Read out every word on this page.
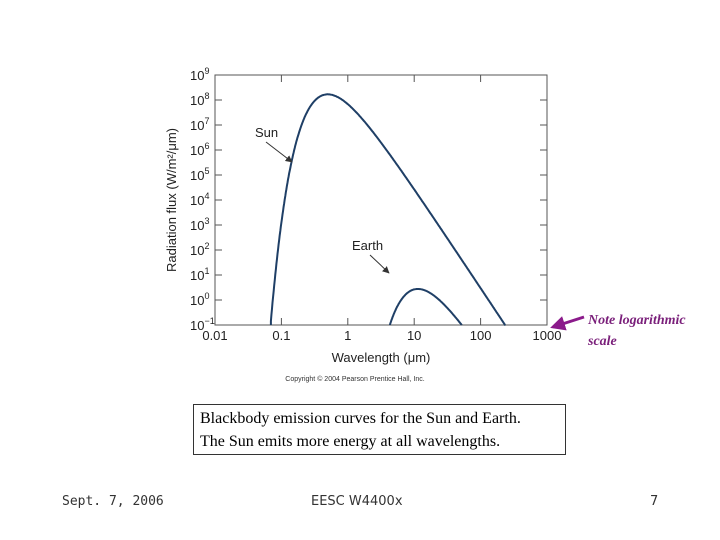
0.01	0.1	1	10	100	1000
$10^{-1}$
$10^0$
$10^1$
$10^2$
$10^3$
$10^4$
$10^5$
$10^6$
$10^7$
$10^8$
$10^9$
Wavelength (μm)
Radiation flux (W/m²/μm)	Sun
Earth
Copyright © 2004 Pearson Prentice Hall, Inc.
Note logarithmic
scale
Blackbody emission curves for the Sun and Earth.
The Sun emits more energy at all wavelengths.
Sept. 7, 2006	EESC W4400x	7
